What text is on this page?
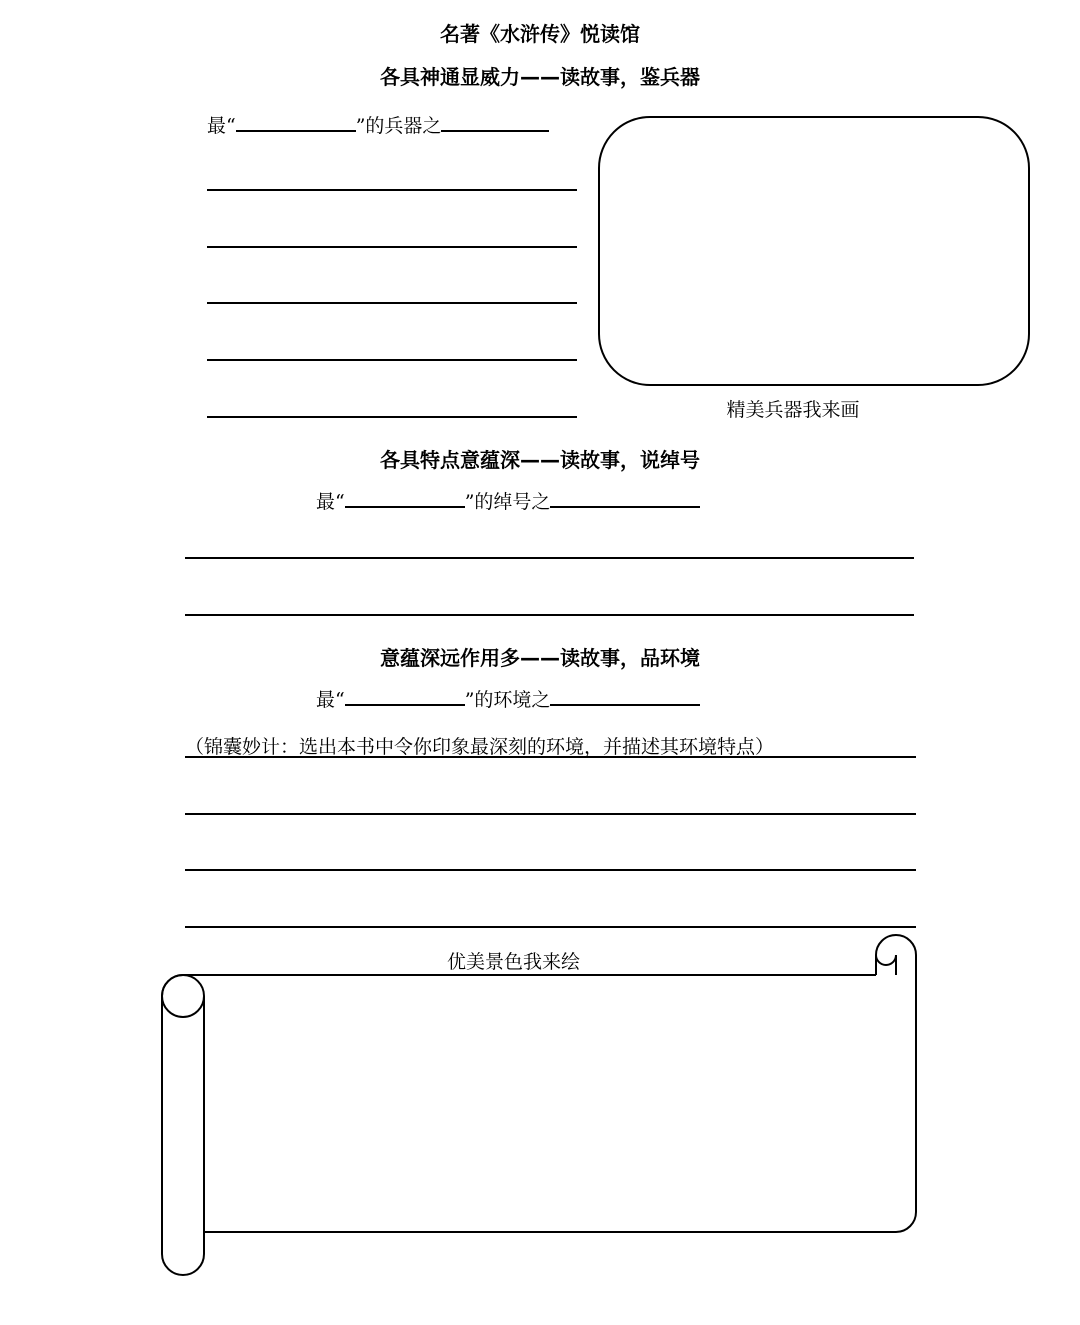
名著《水浒传》悦读馆
各具神通显威力——读故事，鉴兵器
最“	”的兵器之
精美兵器我来画
各具特点意蕴深——读故事，说绰号
最“	”的绰号之
意蕴深远作用多——读故事，品环境
最“	”的环境之
（锦囊妙计：选出本书中令你印象最深刻的环境，并描述其环境特点）
优美景色我来绘
